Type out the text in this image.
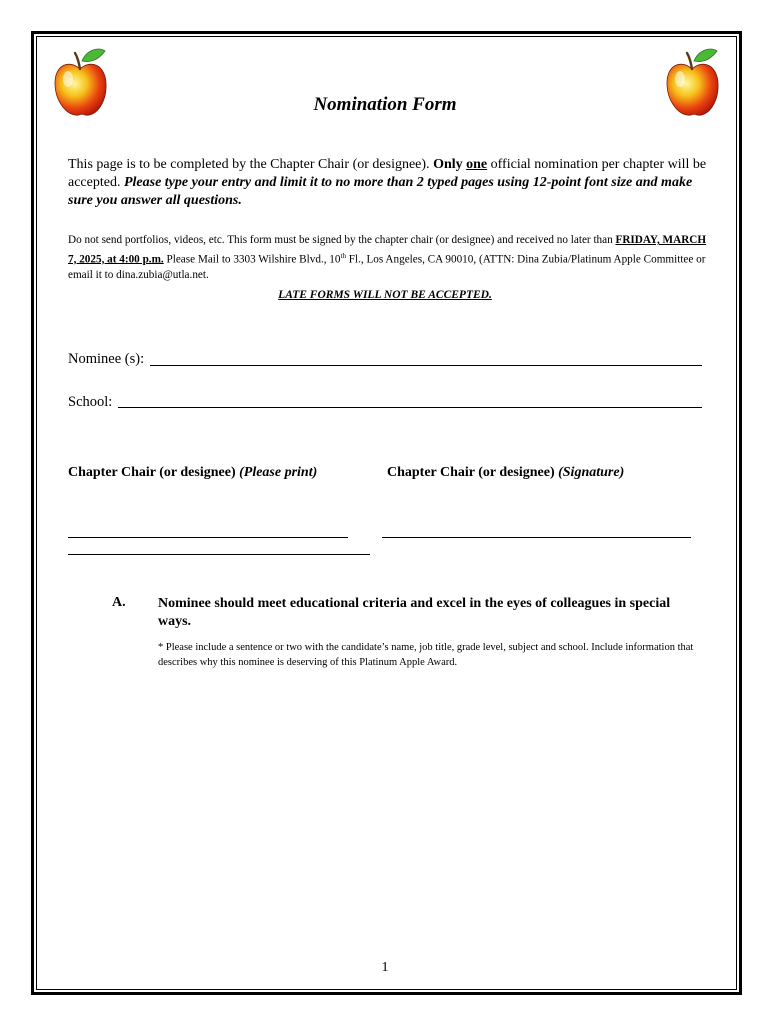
Nomination Form
This page is to be completed by the Chapter Chair (or designee). Only one official nomination per chapter will be accepted. Please type your entry and limit it to no more than 2 typed pages using 12-point font size and make sure you answer all questions.
Do not send portfolios, videos, etc. This form must be signed by the chapter chair (or designee) and received no later than FRIDAY, MARCH 7, 2025, at 4:00 p.m. Please Mail to 3303 Wilshire Blvd., 10th Fl., Los Angeles, CA 90010, (ATTN: Dina Zubia/Platinum Apple Committee or email it to dina.zubia@utla.net.
LATE FORMS WILL NOT BE ACCEPTED.
Nominee (s):
School:
Chapter Chair (or designee) (Please print)	Chapter Chair (or designee) (Signature)
A. Nominee should meet educational criteria and excel in the eyes of colleagues in special ways.
* Please include a sentence or two with the candidate’s name, job title, grade level, subject and school. Include information that describes why this nominee is deserving of this Platinum Apple Award.
1
